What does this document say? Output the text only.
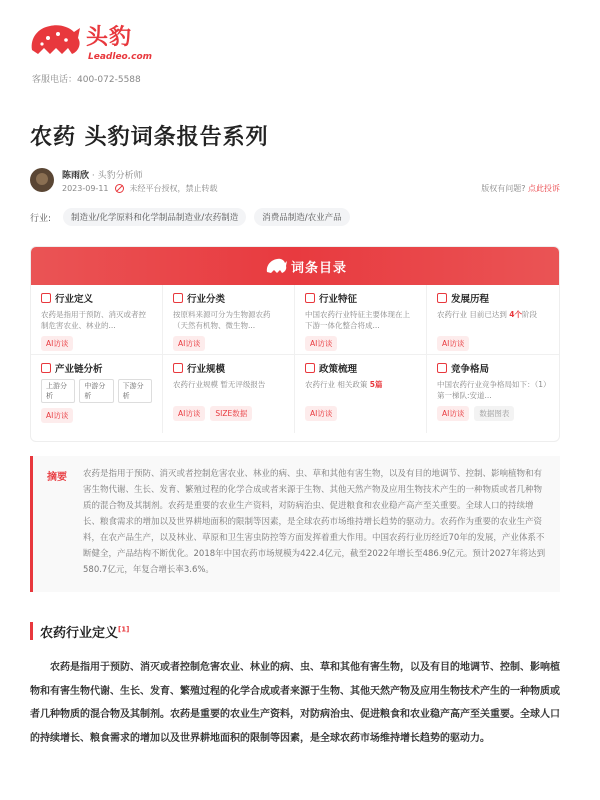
头豹
Leadleo.com
客服电话：400-072-5588
农药 头豹词条报告系列
陈雨欣 · 头豹分析师
2023-09-11	未经平台授权，禁止转载	版权有问题? 点此投诉
行业:	制造业/化学原料和化学制品制造业/农药制造	消费品制造/农业产品
词条目录
行业定义
农药是指用于预防、消灭或者控制危害农业、林业的...
AI访谈
行业分类
按原料来源可分为生物源农药（天然有机物、微生物...
AI访谈
行业特征
中国农药行业特征主要体现在上下游一体化整合将成...
AI访谈
发展历程
农药行业 目前已达到 4个阶段
AI访谈
产业链分析
上游分析
中游分析
下游分析
AI访谈
行业规模
农药行业规模 暂无评级报告
AI访谈	SIZE数据
政策梳理
农药行业 相关政策 5篇
AI访谈
竞争格局
中国农药行业竞争格局如下：（1）第一梯队:安道...
AI访谈	数据图表
摘要 农药是指用于预防、消灭或者控制危害农业、林业的病、虫、草和其他有害生物，以及有目的地调节、控制、影响植物和有害生物代谢、生长、发育、繁殖过程的化学合成或者来源于生物、其他天然产物及应用生物技术产生的一种物质或者几种物质的混合物及其制剂。农药是重要的农业生产资料，对防病治虫、促进粮食和农业稳产高产至关重要。全球人口的持续增长、粮食需求的增加以及世界耕地面积的限制等因素，是全球农药市场维持增长趋势的驱动力。农药作为重要的农业生产资料，在农产品生产，以及林业、草原和卫生害虫防控等方面发挥着重大作用。中国农药行业历经近70年的发展，产业体系不断健全，产品结构不断优化。2018年中国农药市场规模为422.4亿元，截至2022年增长至486.9亿元。预计2027年将达到580.7亿元，年复合增长率3.6%。
农药行业定义[1]
农药是指用于预防、消灭或者控制危害农业、林业的病、虫、草和其他有害生物，以及有目的地调节、控制、影响植物和有害生物代谢、生长、发育、繁殖过程的化学合成或者来源于生物、其他天然产物及应用生物技术产生的一种物质或者几种物质的混合物及其制剂。农药是重要的农业生产资料，对防病治虫、促进粮食和农业稳产高产至关重要。全球人口的持续增长、粮食需求的增加以及世界耕地面积的限制等因素，是全球农药市场维持增长趋势的驱动力。
